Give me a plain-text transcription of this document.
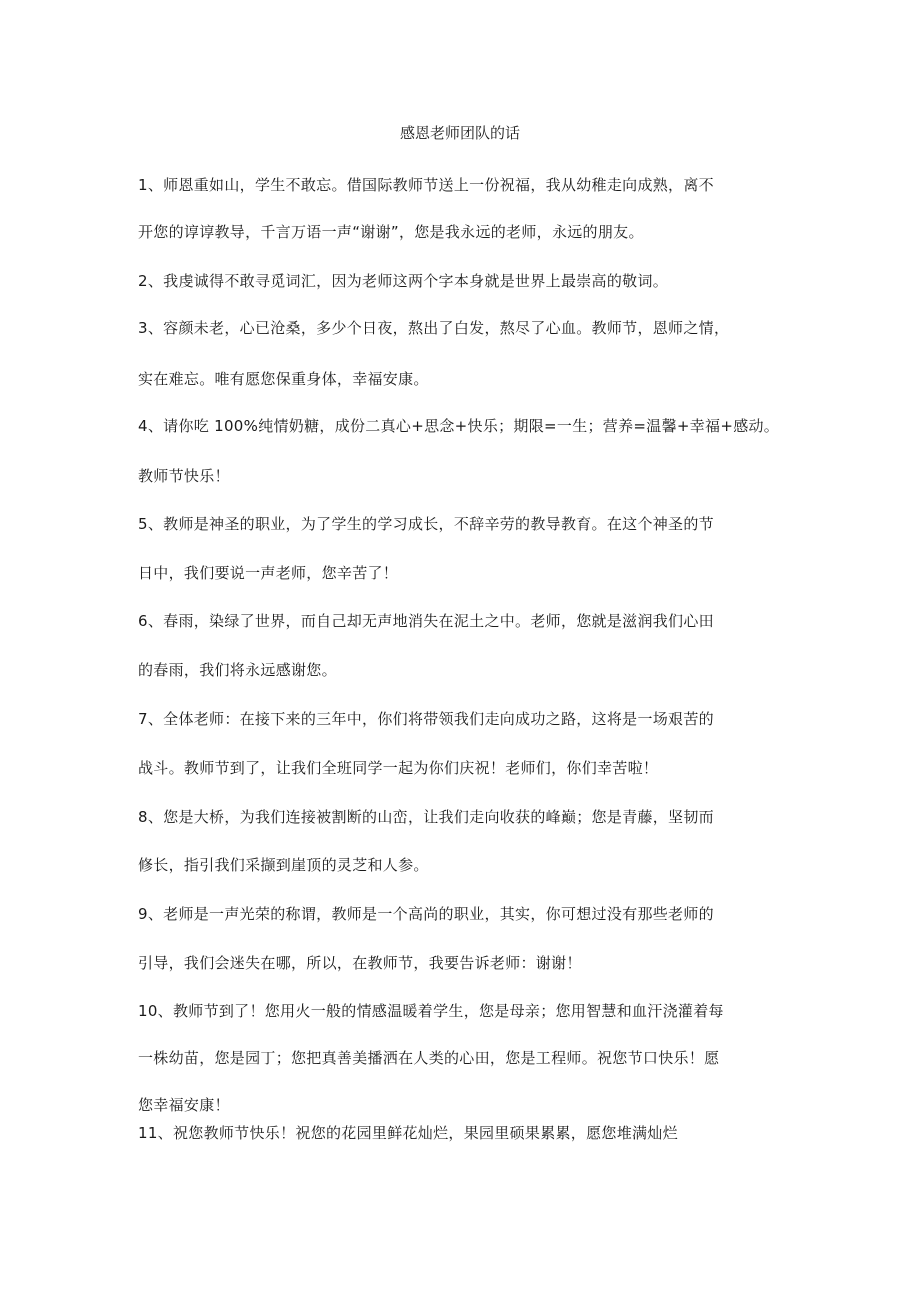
感恩老师团队的话
1、师恩重如山，学生不敢忘。借国际教师节送上一份祝福，我从幼稚走向成熟，离不
开您的谆谆教导，千言万语一声“谢谢”，您是我永远的老师，永远的朋友。
2、我虔诚得不敢寻觅词汇，因为老师这两个字本身就是世界上最崇高的敬词。
3、容颜未老，心已沧桑，多少个日夜，熬出了白发，熬尽了心血。教师节，恩师之情，
实在难忘。唯有愿您保重身体，幸福安康。
4、请你吃 100%纯情奶糖，成份二真心+思念+快乐；期限=一生；营养=温馨+幸福+感动。
教师节快乐！
5、教师是神圣的职业，为了学生的学习成长，不辞辛劳的教导教育。在这个神圣的节
日中，我们要说一声老师，您辛苦了！
6、春雨，染绿了世界，而自己却无声地消失在泥土之中。老师，您就是滋润我们心田
的春雨，我们将永远感谢您。
7、全体老师：在接下来的三年中，你们将带领我们走向成功之路，这将是一场艰苦的
战斗。教师节到了，让我们全班同学一起为你们庆祝！老师们，你们幸苦啦！
8、您是大桥，为我们连接被割断的山峦，让我们走向收获的峰巅；您是青藤，坚韧而
修长，指引我们采撷到崖顶的灵芝和人参。
9、老师是一声光荣的称谓，教师是一个高尚的职业，其实，你可想过没有那些老师的
引导，我们会迷失在哪，所以，在教师节，我要告诉老师：谢谢！
10、教师节到了！您用火一般的情感温暖着学生，您是母亲；您用智慧和血汗浇灌着每
一株幼苗，您是园丁；您把真善美播洒在人类的心田，您是工程师。祝您节口快乐！愿
您幸福安康！
11、祝您教师节快乐！祝您的花园里鲜花灿烂，果园里硕果累累，愿您堆满灿烂
